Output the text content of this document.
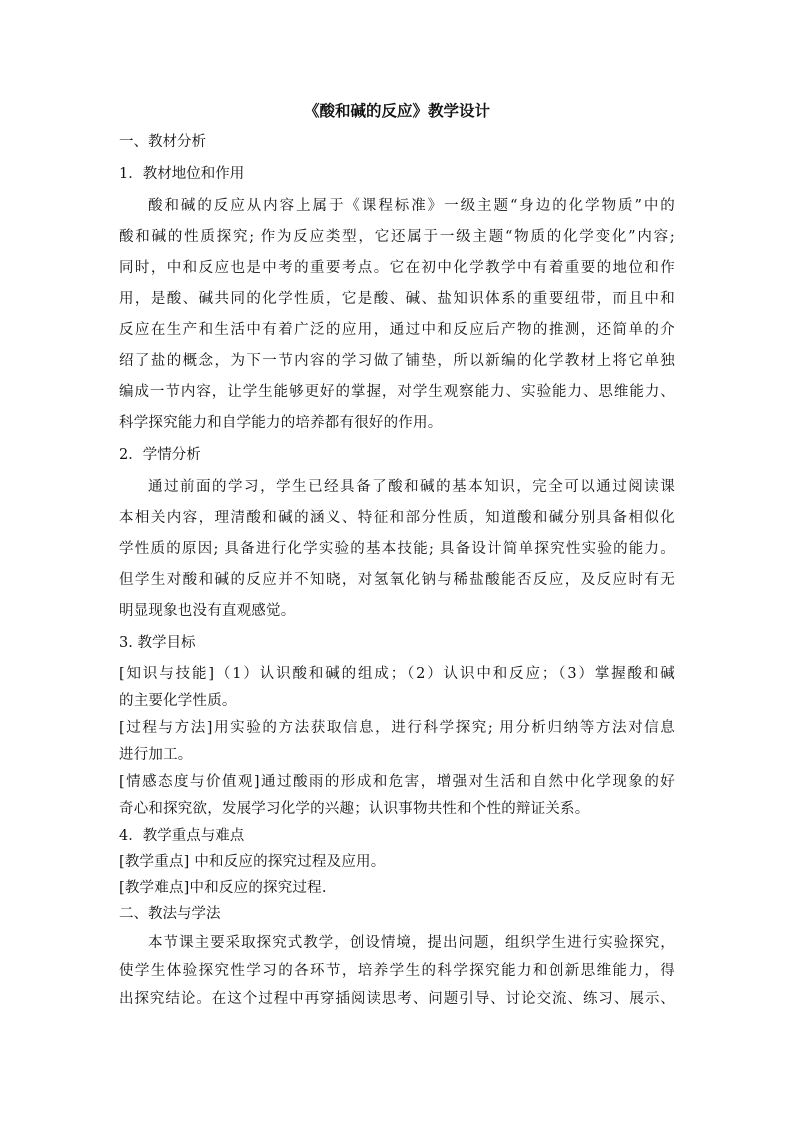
《酸和碱的反应》教学设计
一、教材分析
1．教材地位和作用
酸和碱的反应从内容上属于《课程标准》一级主题“身边的化学物质”中的
酸和碱的性质探究; 作为反应类型，它还属于一级主题“物质的化学变化”内容;
同时，中和反应也是中考的重要考点。它在初中化学教学中有着重要的地位和作
用，是酸、碱共同的化学性质，它是酸、碱、盐知识体系的重要纽带，而且中和
反应在生产和生活中有着广泛的应用，通过中和反应后产物的推测，还简单的介
绍了盐的概念，为下一节内容的学习做了铺垫，所以新编的化学教材上将它单独
编成一节内容，让学生能够更好的掌握，对学生观察能力、实验能力、思维能力、
科学探究能力和自学能力的培养都有很好的作用。
2．学情分析
通过前面的学习，学生已经具备了酸和碱的基本知识，完全可以通过阅读课
本相关内容，理清酸和碱的涵义、特征和部分性质，知道酸和碱分别具备相似化
学性质的原因; 具备进行化学实验的基本技能; 具备设计简单探究性实验的能力。
但学生对酸和碱的反应并不知晓，对氢氧化钠与稀盐酸能否反应，及反应时有无
明显现象也没有直观感觉。
3. 教学目标
[知识与技能]（1）认识酸和碱的组成；（2）认识中和反应；（3）掌握酸和碱
的主要化学性质。
[过程与方法]用实验的方法获取信息，进行科学探究; 用分析归纳等方法对信息
进行加工。
[情感态度与价值观]通过酸雨的形成和危害，增强对生活和自然中化学现象的好
奇心和探究欲，发展学习化学的兴趣；认识事物共性和个性的辩证关系。
4．教学重点与难点
[教学重点] 中和反应的探究过程及应用。
[教学难点]中和反应的探究过程.
二、教法与学法
本节课主要采取探究式教学，创设情境，提出问题，组织学生进行实验探究，
使学生体验探究性学习的各环节，培养学生的科学探究能力和创新思维能力，得
出探究结论。在这个过程中再穿插阅读思考、问题引导、讨论交流、练习、展示、
